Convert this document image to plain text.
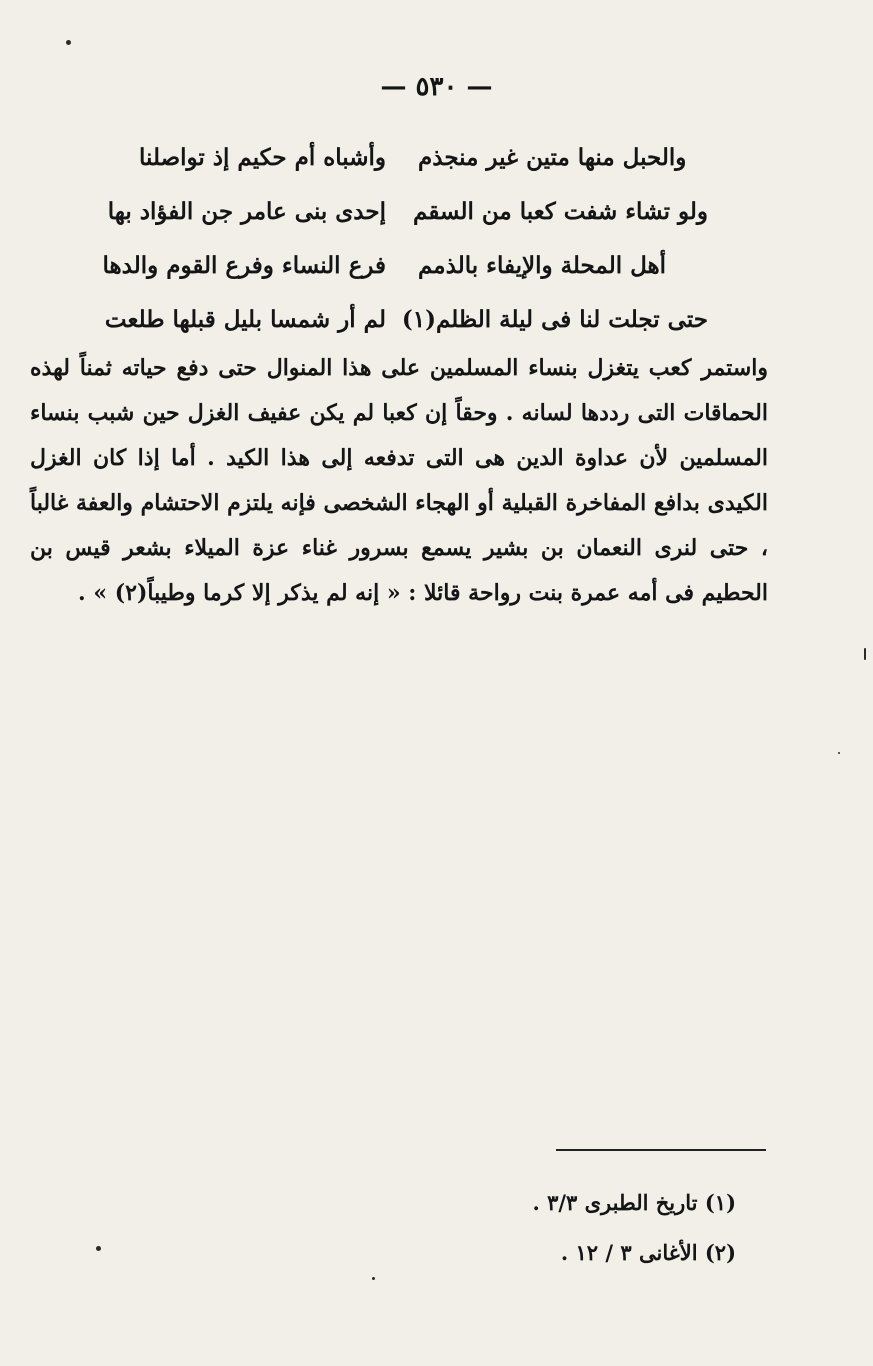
— ٥٣٠ —
وأشباه أم حكيم إذ تواصلنا والحبل منها متين غير منجذم
إحدى بنى عامر جن الفؤاد بها ولو تشاء شفت كعبا من السقم
فرع النساء وفرع القوم والدها أهل المحلة والإيفاء بالذمم
لم أر شمسا بليل قبلها طلعت حتى تجلت لنا فى ليلة الظلم(١)

واستمر كعب يتغزل بنساء المسلمين على هذا المنوال حتى دفع حياته ثمناً لهذه الحماقات التى رددها لسانه . وحقاً إن كعبا لم يكن عفيف الغزل حين شبب بنساء المسلمين لأن عداوة الدين هى التى تدفعه إلى هذا الكيد . أما إذا كان الغزل الكيدى بدافع المفاخرة القبلية أو الهجاء الشخصى فإنه يلتزم الاحتشام والعفة غالباً ، حتى لنرى النعمان بن بشير يسمع بسرور غناء عزة الميلاء بشعر قيس بن الحطيم فى أمه عمرة بنت رواحة قائلا : « إنه لم يذكر إلا كرما وطيباً(٢) » .

(١) تاريخ الطبرى ٣/٣ .
(٢) الأغانى ٣ / ١٢ .
